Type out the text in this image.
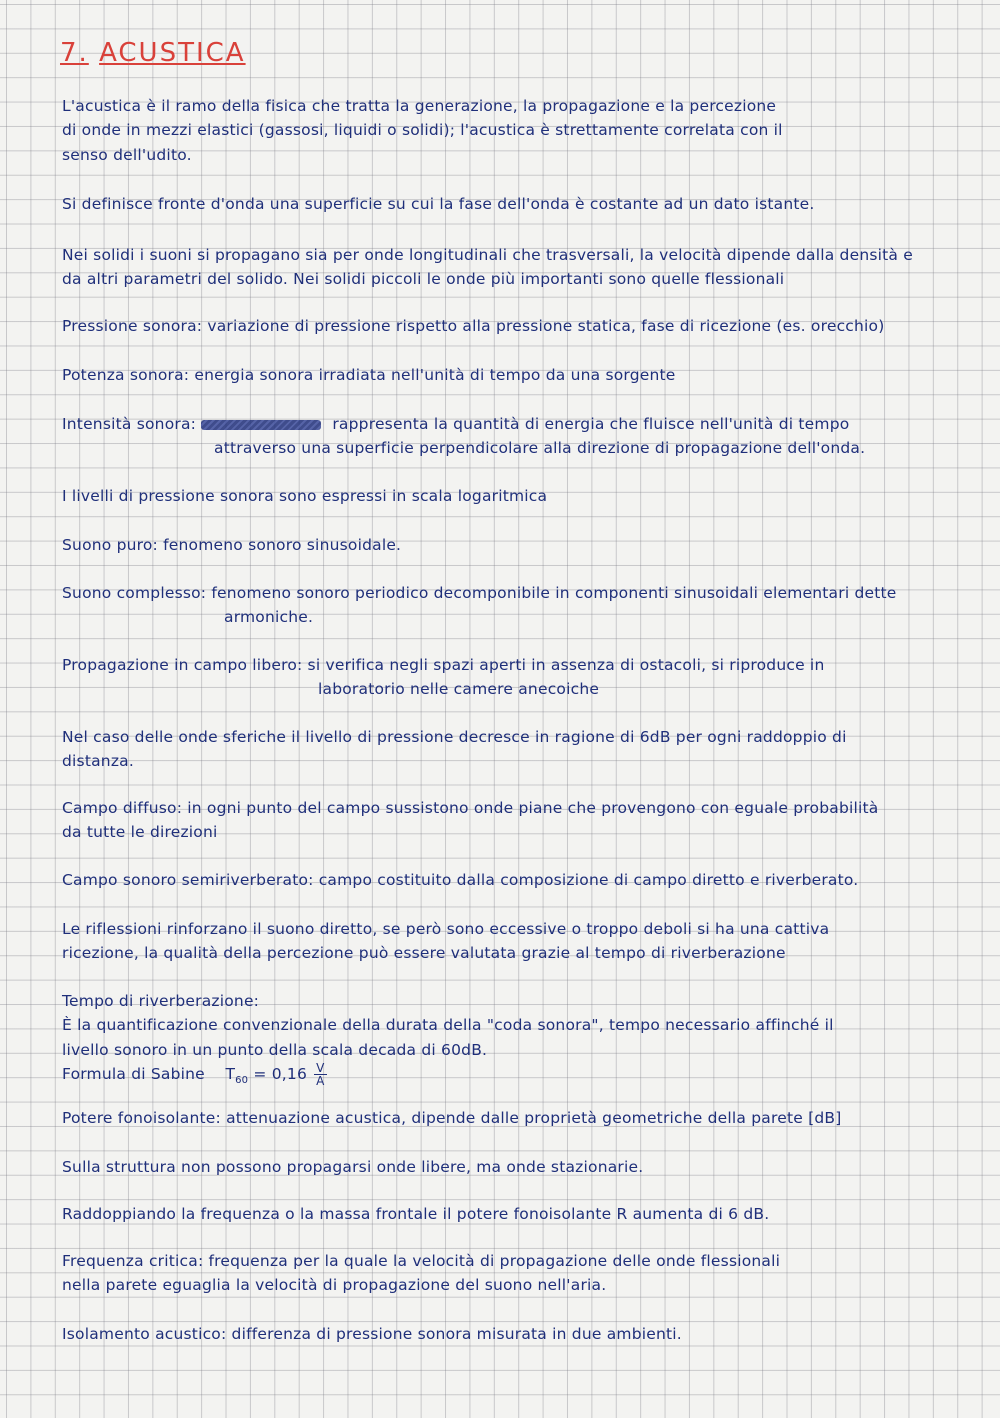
7. ACUSTICA
L'acustica è il ramo della fisica che tratta la generazione, la propagazione e la percezione
di onde in mezzi elastici (gassosi, liquidi o solidi); l'acustica è strettamente correlata con il
senso dell'udito.
Si definisce fronte d'onda una superficie su cui la fase dell'onda è costante ad un dato istante.
Nei solidi i suoni si propagano sia per onde longitudinali che trasversali, la velocità dipende dalla densità e
da altri parametri del solido. Nei solidi piccoli le onde più importanti sono quelle flessionali
Pressione sonora: variazione di pressione rispetto alla pressione statica, fase di ricezione (es. orecchio)
Potenza sonora: energia sonora irradiata nell'unità di tempo da una sorgente
Intensità sonora:	rappresenta la quantità di energia che fluisce nell'unità di tempo
attraverso una superficie perpendicolare alla direzione di propagazione dell'onda.
I livelli di pressione sonora sono espressi in scala logaritmica
Suono puro: fenomeno sonoro sinusoidale.
Suono complesso: fenomeno sonoro periodico decomponibile in componenti sinusoidali elementari dette
armoniche.
Propagazione in campo libero: si verifica negli spazi aperti in assenza di ostacoli, si riproduce in
laboratorio nelle camere anecoiche
Nel caso delle onde sferiche il livello di pressione decresce in ragione di 6dB per ogni raddoppio di
distanza.
Campo diffuso: in ogni punto del campo sussistono onde piane che provengono con eguale probabilità
da tutte le direzioni
Campo sonoro semiriverberato: campo costituito dalla composizione di campo diretto e riverberato.
Le riflessioni rinforzano il suono diretto, se però sono eccessive o troppo deboli si ha una cattiva
ricezione, la qualità della percezione può essere valutata grazie al tempo di riverberazione
Tempo di riverberazione:
È la quantificazione convenzionale della durata della "coda sonora", tempo necessario affinché il
livello sonoro in un punto della scala decada di 60dB.
Formula di Sabine $T_{60} = 0,16 \frac{V}{A}$
Potere fonoisolante: attenuazione acustica, dipende dalle proprietà geometriche della parete [dB]
Sulla struttura non possono propagarsi onde libere, ma onde stazionarie.
Raddoppiando la frequenza o la massa frontale il potere fonoisolante R aumenta di 6 dB.
Frequenza critica: frequenza per la quale la velocità di propagazione delle onde flessionali
nella parete eguaglia la velocità di propagazione del suono nell'aria.
Isolamento acustico: differenza di pressione sonora misurata in due ambienti.
